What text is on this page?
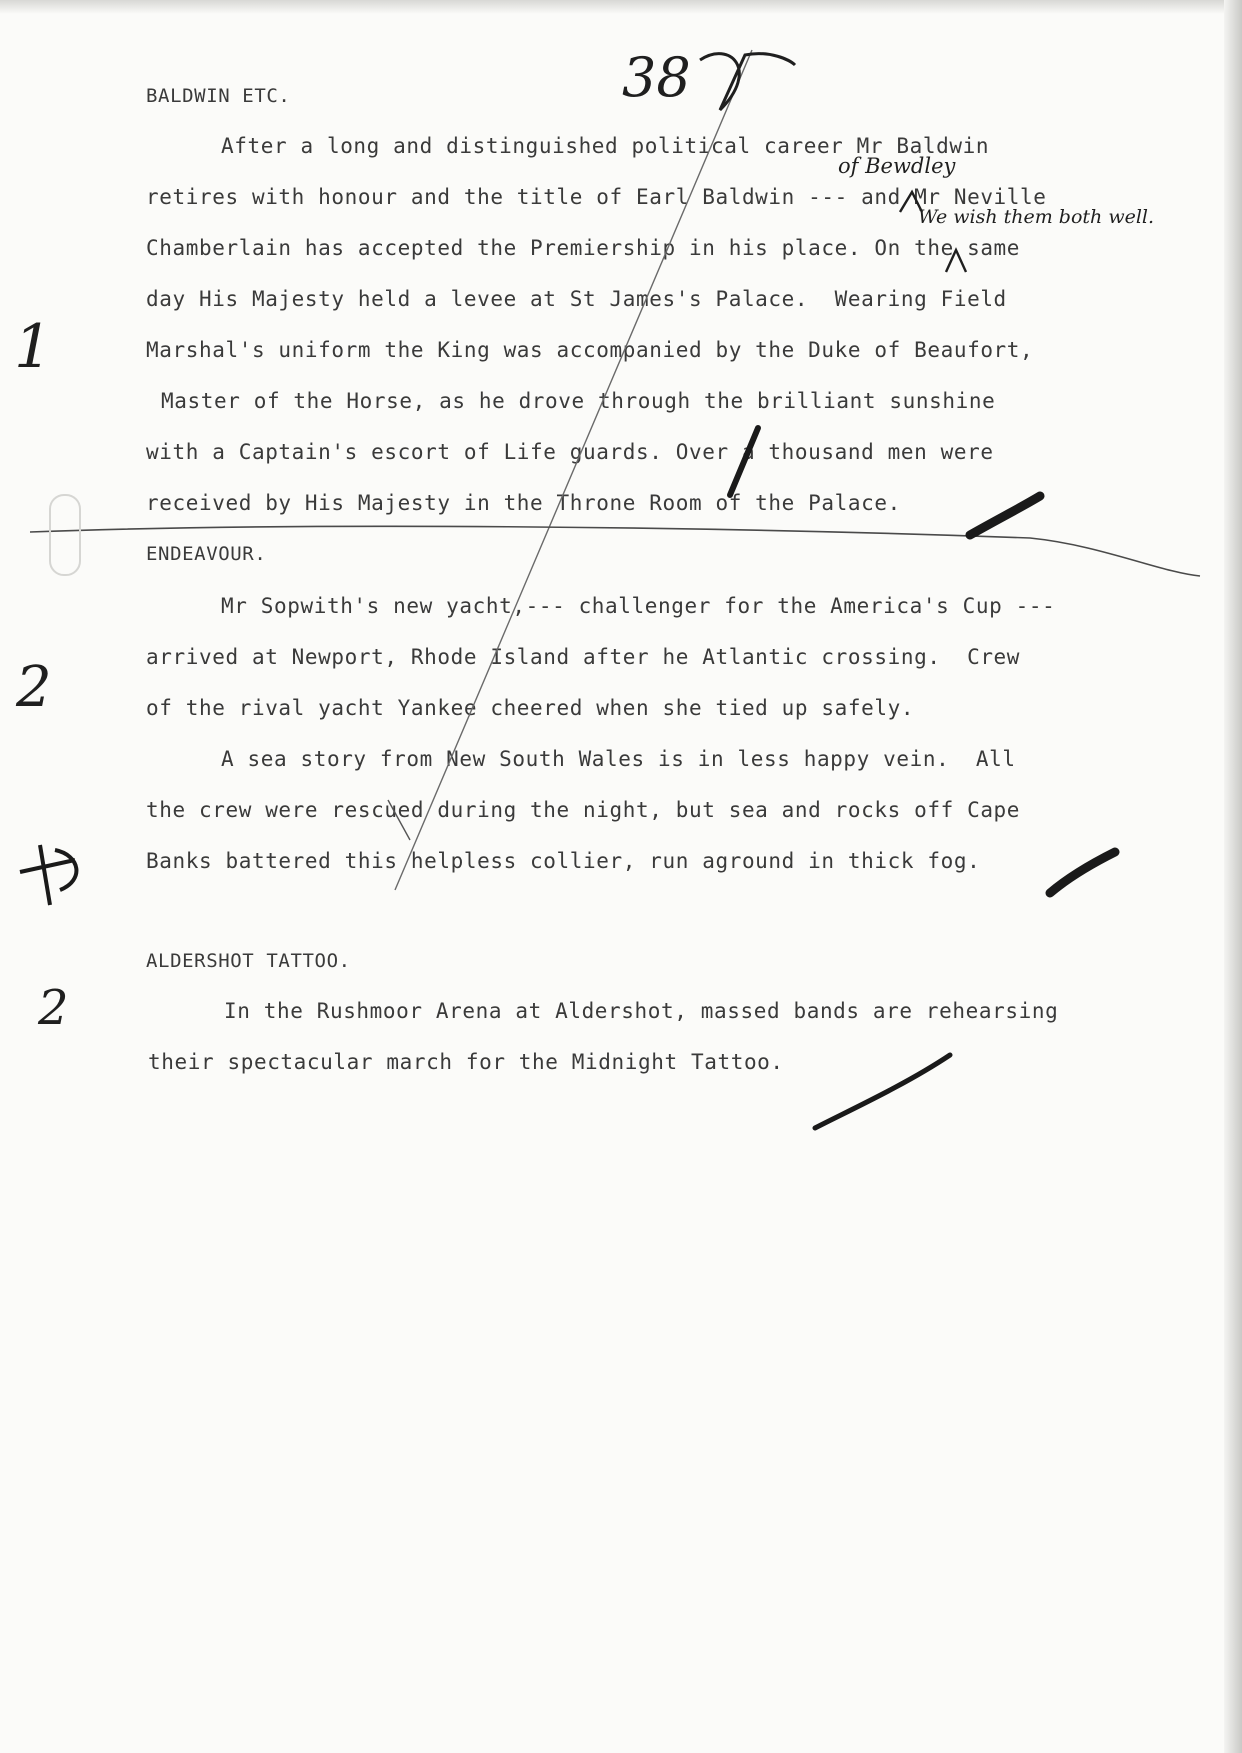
BALDWIN ETC.

After a long and distinguished political career Mr Baldwin

retires with honour and the title of Earl Baldwin --- and Mr Neville

Chamberlain has accepted the Premiership in his place. On the same

day His Majesty held a levee at St James's Palace.  Wearing Field

Marshal's uniform the King was accompanied by the Duke of Beaufort,

Master of the Horse, as he drove through the brilliant sunshine

with a Captain's escort of Life guards. Over a thousand men were

received by His Majesty in the Throne Room of the Palace.

ENDEAVOUR.

Mr Sopwith's new yacht,--- challenger for the America's Cup ---

arrived at Newport, Rhode Island after he Atlantic crossing.  Crew

of the rival yacht Yankee cheered when she tied up safely.

A sea story from New South Wales is in less happy vein.  All

the crew were rescued during the night, but sea and rocks off Cape

Banks battered this helpless collier, run aground in thick fog.

ALDERSHOT TATTOO.

In the Rushmoor Arena at Aldershot, massed bands are rehearsing

their spectacular march for the Midnight Tattoo.

38

of Bewdley

We wish them both well.

1

2

2
